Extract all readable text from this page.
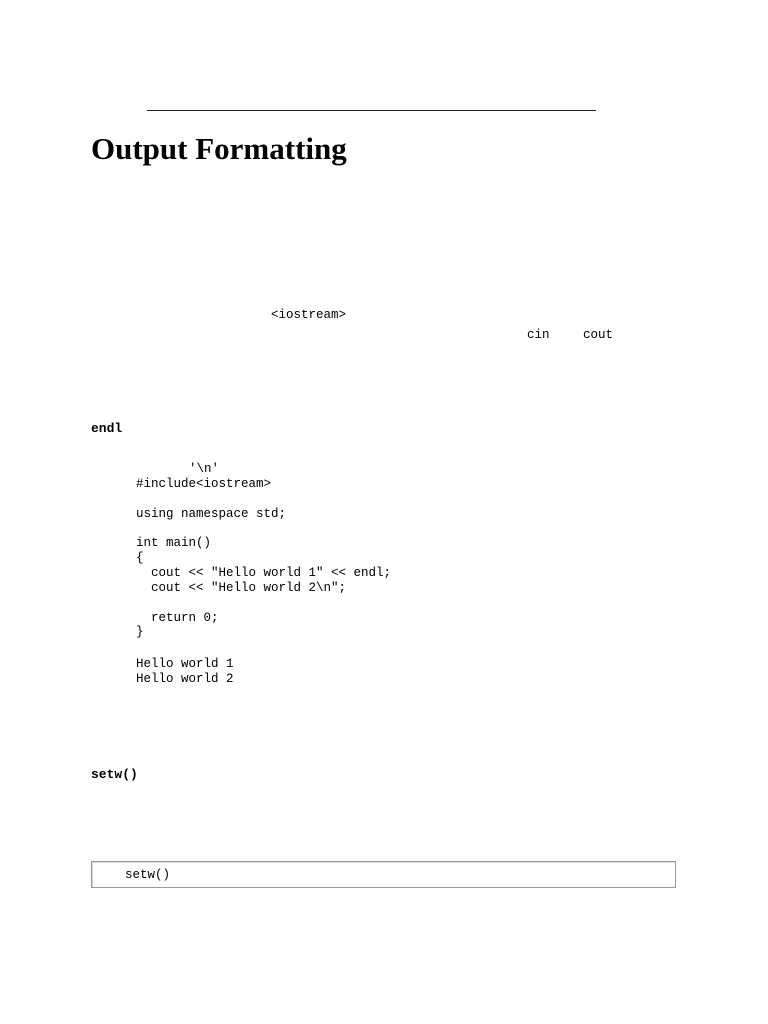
Output Formatting
<iostream>
cin	cout
endl
'\n'
#include<iostream>

using namespace std;

int main()
{
cout << "Hello world 1" << endl;
cout << "Hello world 2\n";

return 0;
}
Hello world 1
Hello world 2
setw()
setw()
